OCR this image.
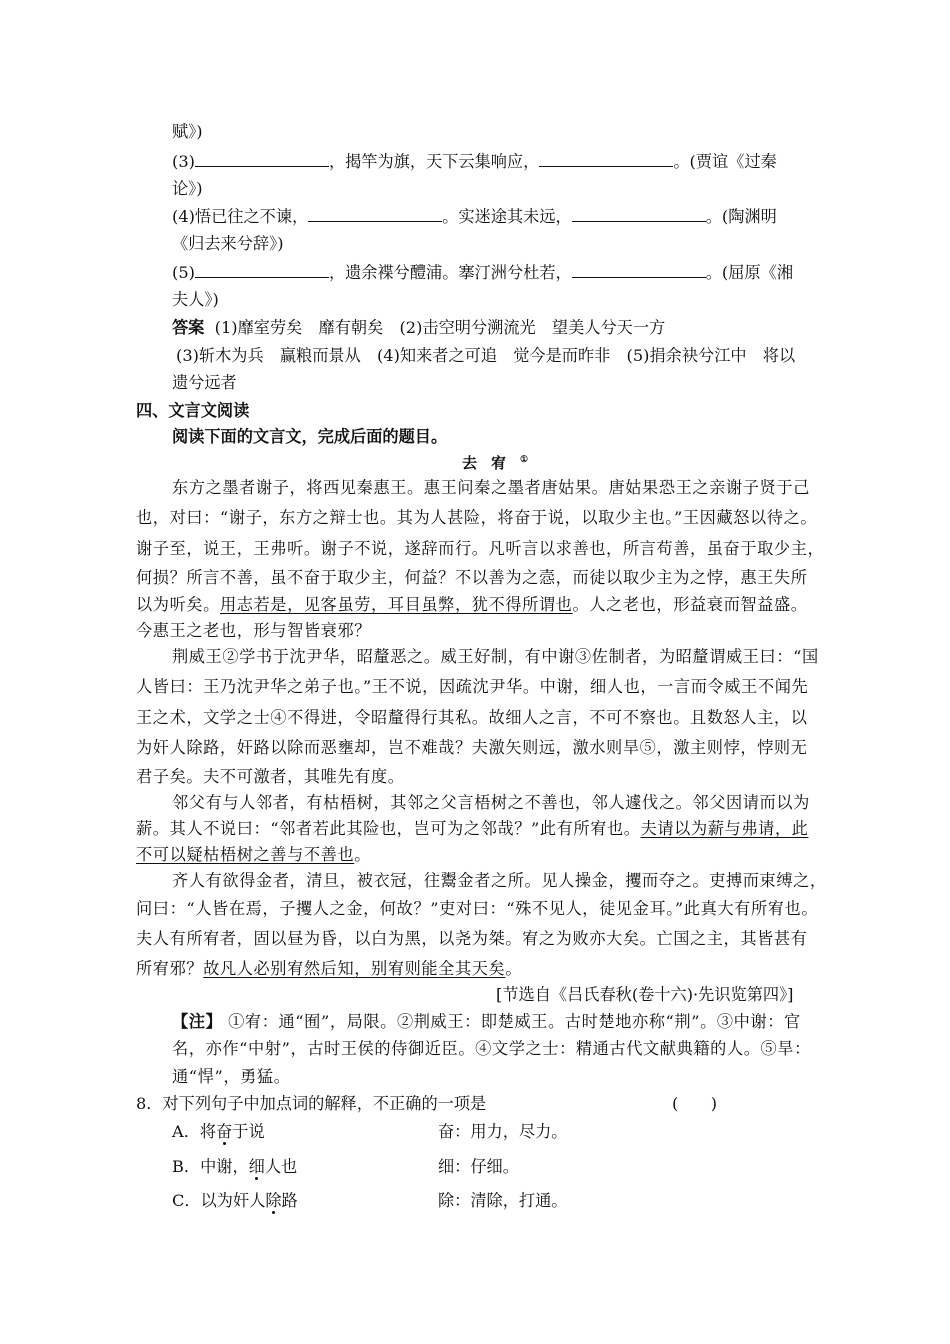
赋》)
(3)	，揭竿为旗，天下云集响应，	。(贾谊《过秦
论》)
(4)悟已往之不谏，	。实迷途其未远，	。(陶渊明
《归去来兮辞》)
(5)	，遗余褋兮醴浦。搴汀洲兮杜若，	。(屈原《湘
夫人》)
答案 (1)靡室劳矣　靡有朝矣　(2)击空明兮溯流光　望美人兮天一方
(3)斩木为兵　赢粮而景从　(4)知来者之可追　觉今是而昨非　(5)捐余袂兮江中　将以
遗兮远者
四、文言文阅读
阅读下面的文言文，完成后面的题目。
去宥①
东方之墨者谢子，将西见秦惠王。惠王问秦之墨者唐姑果。唐姑果恐王之亲谢子贤于己
也，对曰：“谢子，东方之辩士也。其为人甚险，将奋于说，以取少主也。”王因藏怒以待之。
谢子至，说王，王弗听。谢子不说，遂辞而行。凡听言以求善也，所言苟善，虽奋于取少主，
何损？所言不善，虽不奋于取少主，何益？不以善为之悫，而徒以取少主为之悖，惠王失所
以为听矣。用志若是，见客虽劳，耳目虽弊，犹不得所谓也。人之老也，形益衰而智益盛。
今惠王之老也，形与智皆衰邪？
荆威王②学书于沈尹华，昭釐恶之。威王好制，有中谢③佐制者，为昭釐谓威王曰：“国
人皆曰：王乃沈尹华之弟子也。”王不说，因疏沈尹华。中谢，细人也，一言而令威王不闻先
王之术，文学之士④不得进，令昭釐得行其私。故细人之言，不可不察也。且数怒人主，以
为奸人除路，奸路以除而恶壅却，岂不难哉？夫激矢则远，激水则旱⑤，激主则悖，悖则无
君子矣。夫不可激者，其唯先有度。
邻父有与人邻者，有枯梧树，其邻之父言梧树之不善也，邻人遽伐之。邻父因请而以为
薪。其人不说曰：“邻者若此其险也，岂可为之邻哉？”此有所宥也。夫请以为薪与弗请，此
不可以疑枯梧树之善与不善也。
齐人有欲得金者，清旦，被衣冠，往鬻金者之所。见人操金，攫而夺之。吏搏而束缚之，
问曰：“人皆在焉，子攫人之金，何故？”吏对曰：“殊不见人，徒见金耳。”此真大有所宥也。
夫人有所宥者，固以昼为昏，以白为黑，以尧为桀。宥之为败亦大矣。亡国之主，其皆甚有
所宥邪？故凡人必别宥然后知，别宥则能全其天矣。
[节选自《吕氏春秋(卷十六)·先识览第四》]
【注】 ①宥：通“囿”，局限。②荆威王：即楚威王。古时楚地亦称“荆”。③中谢：官
名，亦作“中射”，古时王侯的侍御近臣。④文学之士：精通古代文献典籍的人。⑤旱：
通“悍”，勇猛。
8．对下列句子中加点词的解释，不正确的一项是	(　　)
A．将奋于说	奋：用力，尽力。
B．中谢，细人也	细：仔细。
C．以为奸人除路	除：清除，打通。
